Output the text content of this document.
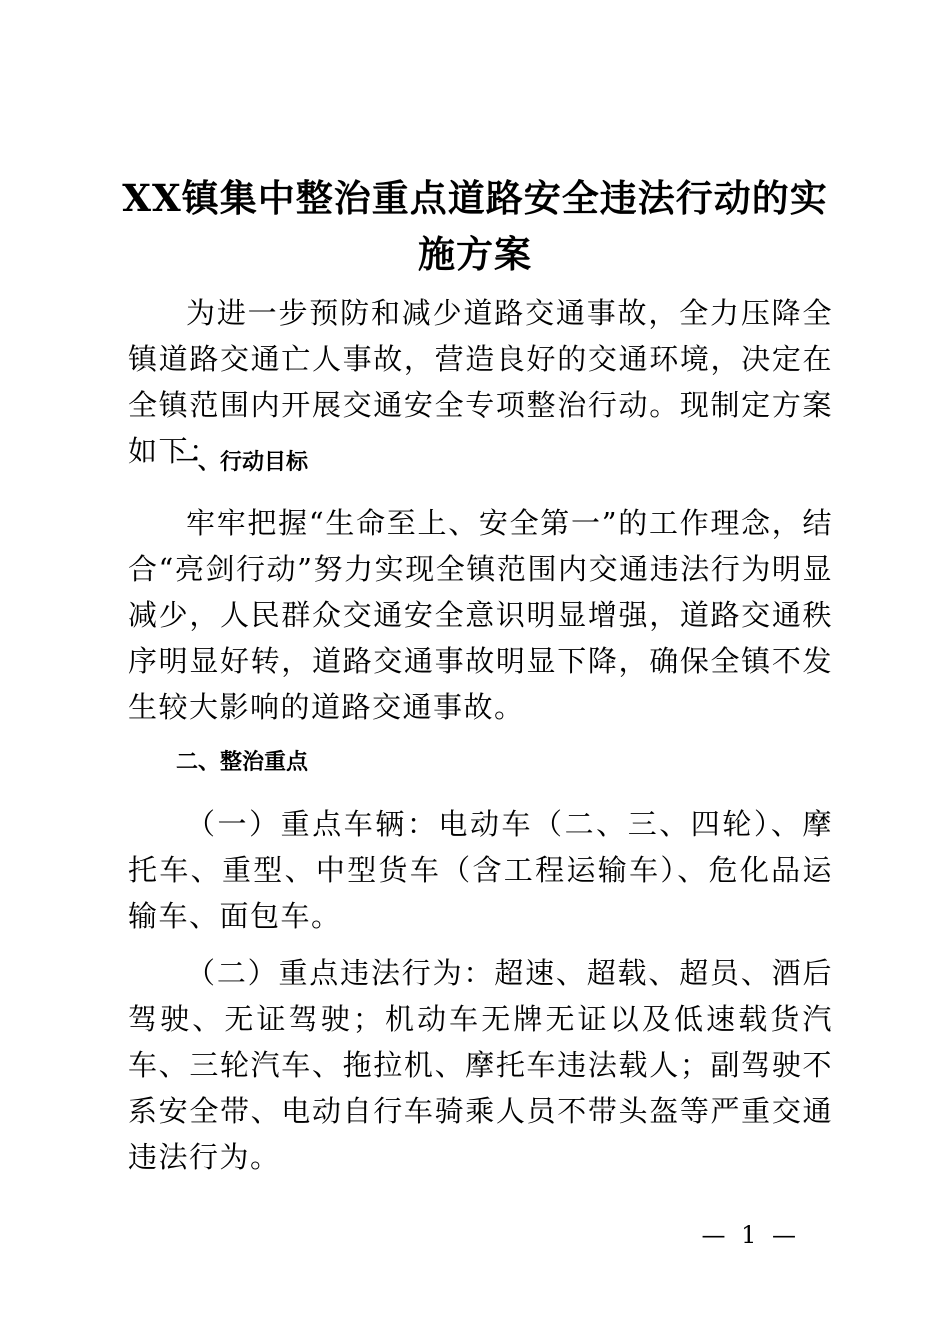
XX镇集中整治重点道路安全违法行动的实施方案

为进一步预防和减少道路交通事故，全力压降全镇道路交通亡人事故，营造良好的交通环境，决定在全镇范围内开展交通安全专项整治行动。现制定方案如下：

一、行动目标

牢牢把握“生命至上、安全第一”的工作理念，结合“亮剑行动”努力实现全镇范围内交通违法行为明显减少，人民群众交通安全意识明显增强，道路交通秩序明显好转，道路交通事故明显下降，确保全镇不发生较大影响的道路交通事故。

二、整治重点

（一）重点车辆：电动车（二、三、四轮）、摩托车、重型、中型货车（含工程运输车）、危化品运输车、面包车。

（二）重点违法行为：超速、超载、超员、酒后驾驶、无证驾驶；机动车无牌无证以及低速载货汽车、三轮汽车、拖拉机、摩托车违法载人；副驾驶不系安全带、电动自行车骑乘人员不带头盔等严重交通违法行为。

— 1 —
